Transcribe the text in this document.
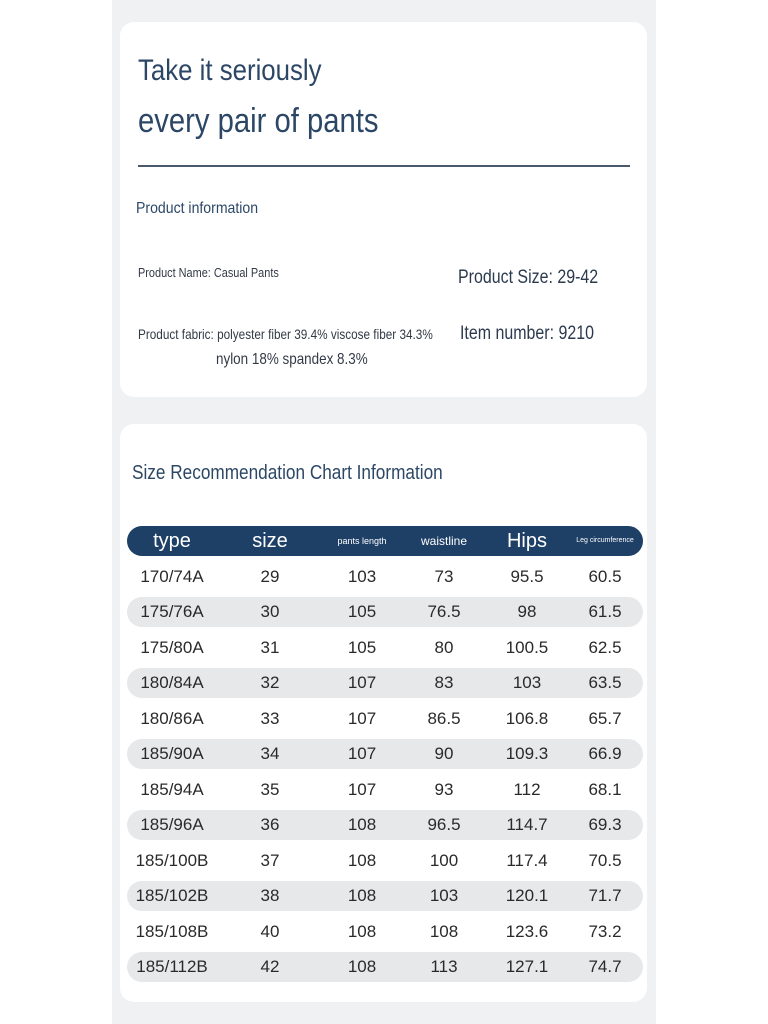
Take it seriously
every pair of pants
Product information
Product Name: Casual Pants	Product Size: 29-42
Product fabric: polyester fiber 39.4% viscose fiber 34.3%
nylon 18% spandex 8.3%
Item number: 9210
Size Recommendation Chart Information
type	size	pants length	waistline	Hips	Leg circumference
170/74A	29	103	73	95.5	60.5
175/76A	30	105	76.5	98	61.5
175/80A	31	105	80	100.5	62.5
180/84A	32	107	83	103	63.5
180/86A	33	107	86.5	106.8	65.7
185/90A	34	107	90	109.3	66.9
185/94A	35	107	93	112	68.1
185/96A	36	108	96.5	114.7	69.3
185/100B	37	108	100	117.4	70.5
185/102B	38	108	103	120.1	71.7
185/108B	40	108	108	123.6	73.2
185/112B	42	108	113	127.1	74.7
